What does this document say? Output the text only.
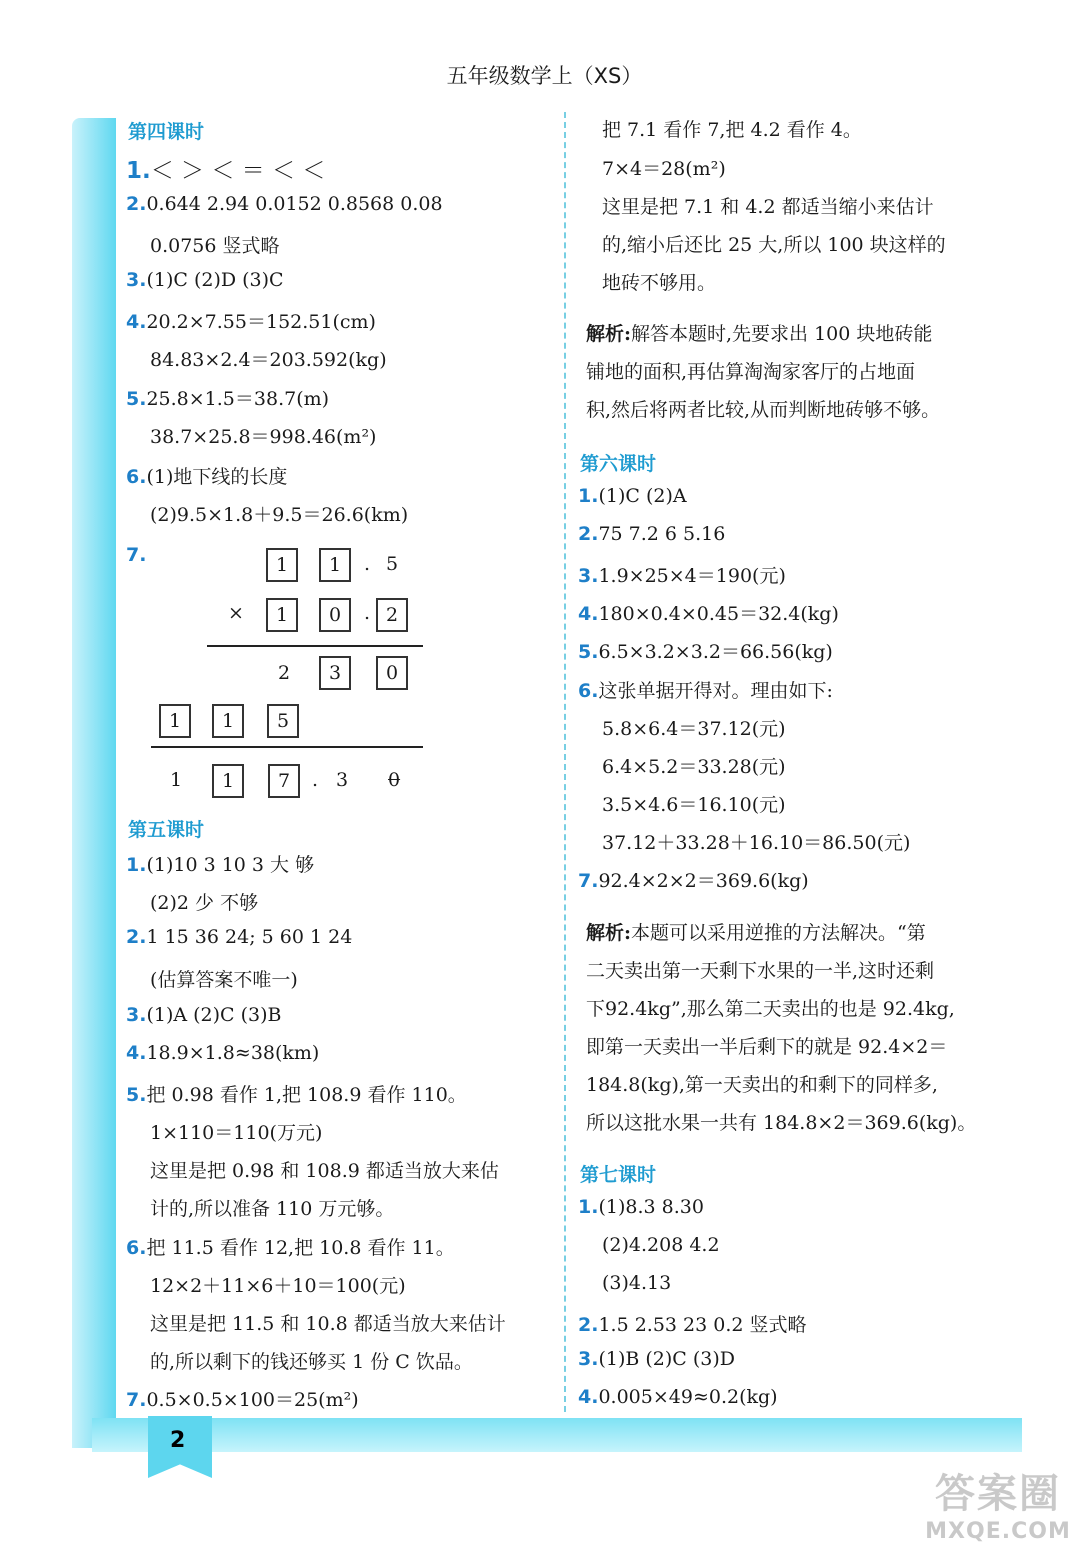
五年级数学上（XS）
2
第四课时
1.＜ ＞ ＜ ＝ ＜ ＜
2.0.644 2.94 0.0152 0.8568 0.08
0.0756 竖式略
3.(1)C (2)D (3)C
4.20.2×7.55＝152.51(cm)
84.83×2.4＝203.592(kg)
5.25.8×1.5＝38.7(m)
38.7×25.8＝998.46(m²)
6.(1)地下线的长度
(2)9.5×1.8＋9.5＝26.6(km)
7.	1	1	. 5
×	1	0	. 2
2	3	0
1	1	5
1	1	7	. 3 0
第五课时
1.(1)10 3 10 3 大 够
(2)2 少 不够
2.1 15 36 24; 5 60 1 24
(估算答案不唯一)
3.(1)A (2)C (3)B
4.18.9×1.8≈38(km)
5.把 0.98 看作 1,把 108.9 看作 110。
1×110＝110(万元)
这里是把 0.98 和 108.9 都适当放大来估
计的,所以准备 110 万元够。
6.把 11.5 看作 12,把 10.8 看作 11。
12×2＋11×6＋10＝100(元)
这里是把 11.5 和 10.8 都适当放大来估计
的,所以剩下的钱还够买 1 份 C 饮品。
7.0.5×0.5×100＝25(m²)
把 7.1 看作 7,把 4.2 看作 4。
7×4＝28(m²)
这里是把 7.1 和 4.2 都适当缩小来估计
的,缩小后还比 25 大,所以 100 块这样的
地砖不够用。
解析:解答本题时,先要求出 100 块地砖能
铺地的面积,再估算淘淘家客厅的占地面
积,然后将两者比较,从而判断地砖够不够。
第六课时
1.(1)C (2)A
2.75 7.2 6 5.16
3.1.9×25×4＝190(元)
4.180×0.4×0.45＝32.4(kg)
5.6.5×3.2×3.2＝66.56(kg)
6.这张单据开得对。理由如下:
5.8×6.4＝37.12(元)
6.4×5.2＝33.28(元)
3.5×4.6＝16.10(元)
37.12＋33.28＋16.10＝86.50(元)
7.92.4×2×2＝369.6(kg)
解析:本题可以采用逆推的方法解决。“第
二天卖出第一天剩下水果的一半,这时还剩
下92.4kg”,那么第二天卖出的也是 92.4kg,
即第一天卖出一半后剩下的就是 92.4×2＝
184.8(kg),第一天卖出的和剩下的同样多,
所以这批水果一共有 184.8×2＝369.6(kg)。
第七课时
1.(1)8.3 8.30
(2)4.208 4.2
(3)4.13
2.1.5 2.53 23 0.2 竖式略
3.(1)B (2)C (3)D
4.0.005×49≈0.2(kg)
答案圈
MXQE.COM
